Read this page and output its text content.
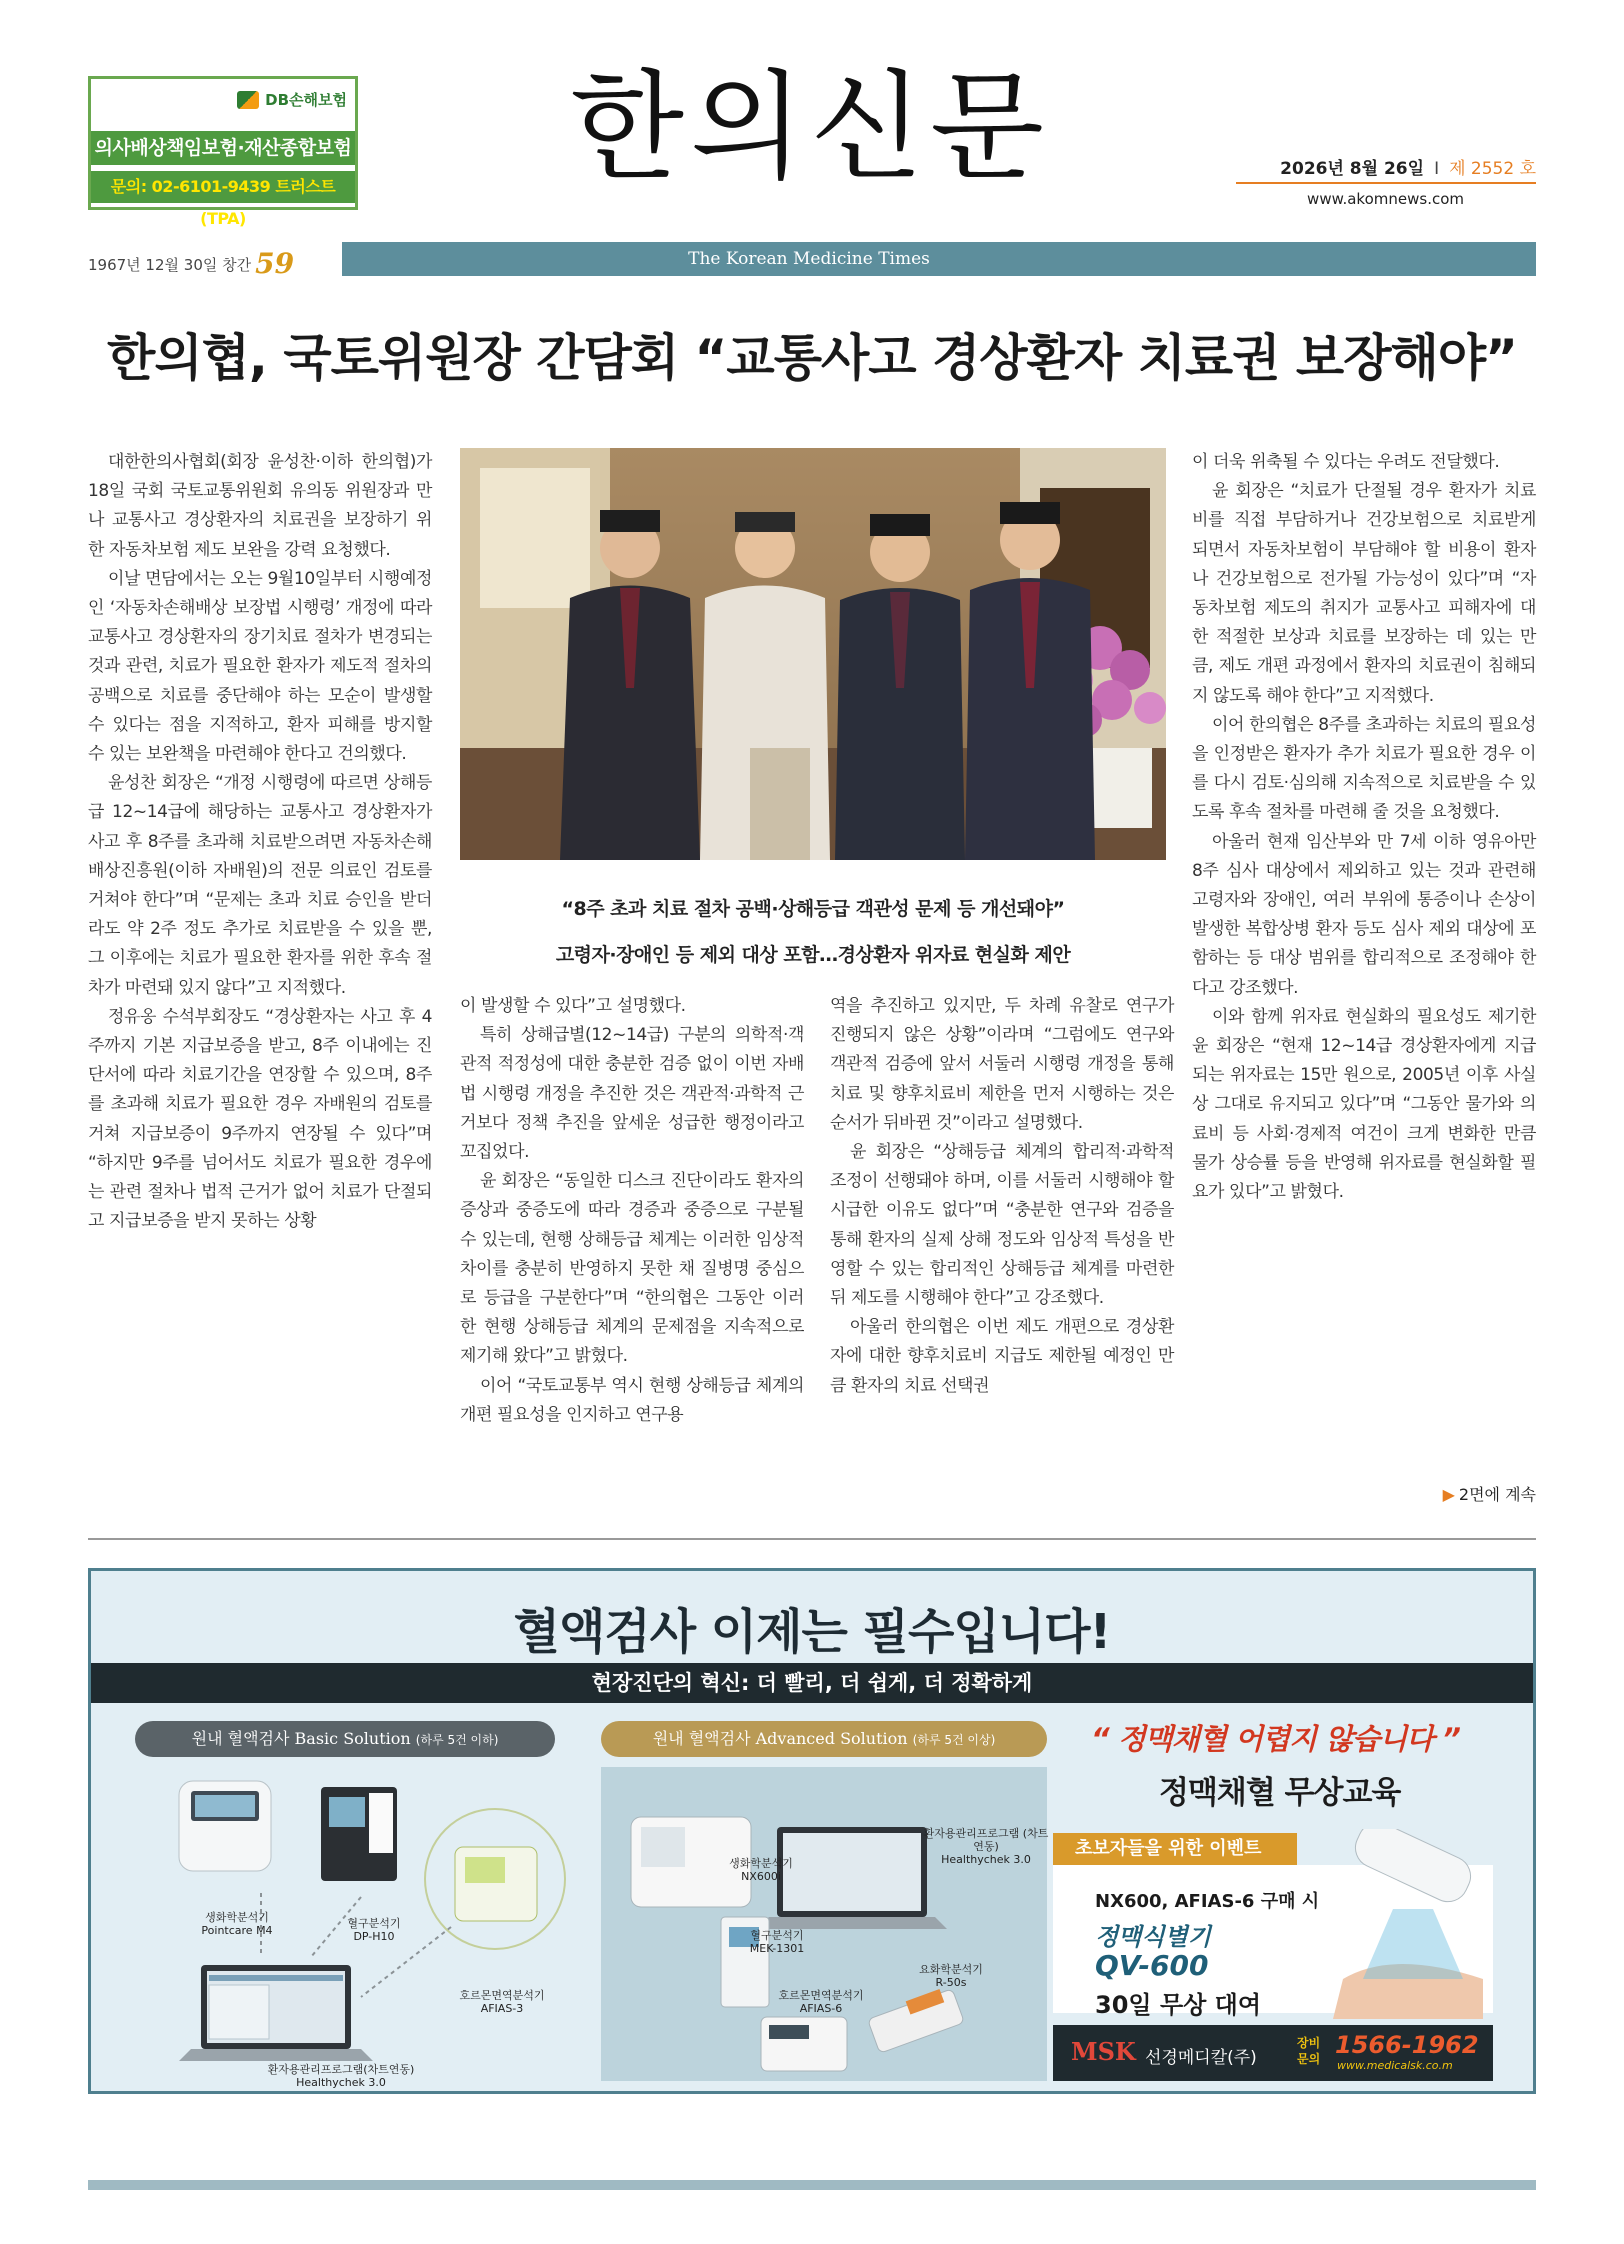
DB손해보험
의사배상책임보험·재산종합보험
문의: 02-6101-9439 트러스트(TPA)
한의신문	2026년 8월 26일 I 제 2552 호
www.akomnews.com
1967년 12월 30일 창간 59	The Korean Medicine Times
한의협, 국토위원장 간담회 “교통사고 경상환자 치료권 보장해야”
“8주 초과 치료 절차 공백·상해등급 객관성 문제 등 개선돼야”
고령자·장애인 등 제외 대상 포함…경상환자 위자료 현실화 제안

대한한의사협회(회장 윤성찬·이하 한의협)가 18일 국회 국토교통위원회 유의동 위원장과 만나 교통사고 경상환자의 치료권을 보장하기 위한 자동차보험 제도 보완을 강력 요청했다.

이날 면담에서는 오는 9월10일부터 시행예정인 ‘자동차손해배상 보장법 시행령’ 개정에 따라 교통사고 경상환자의 장기치료 절차가 변경되는 것과 관련, 치료가 필요한 환자가 제도적 절차의 공백으로 치료를 중단해야 하는 모순이 발생할 수 있다는 점을 지적하고, 환자 피해를 방지할 수 있는 보완책을 마련해야 한다고 건의했다.

윤성찬 회장은 “개정 시행령에 따르면 상해등급 12~14급에 해당하는 교통사고 경상환자가 사고 후 8주를 초과해 치료받으려면 자동차손해배상진흥원(이하 자배원)의 전문 의료인 검토를 거쳐야 한다”며 “문제는 초과 치료 승인을 받더라도 약 2주 정도 추가로 치료받을 수 있을 뿐, 그 이후에는 치료가 필요한 환자를 위한 후속 절차가 마련돼 있지 않다”고 지적했다.

정유옹 수석부회장도 “경상환자는 사고 후 4주까지 기본 지급보증을 받고, 8주 이내에는 진단서에 따라 치료기간을 연장할 수 있으며, 8주를 초과해 치료가 필요한 경우 자배원의 검토를 거쳐 지급보증이 9주까지 연장될 수 있다”며 “하지만 9주를 넘어서도 치료가 필요한 경우에는 관련 절차나 법적 근거가 없어 치료가 단절되고 지급보증을 받지 못하는 상황

이 발생할 수 있다”고 설명했다.

특히 상해급별(12~14급) 구분의 의학적·객관적 적정성에 대한 충분한 검증 없이 이번 자배법 시행령 개정을 추진한 것은 객관적·과학적 근거보다 정책 추진을 앞세운 성급한 행정이라고 꼬집었다.

윤 회장은 “동일한 디스크 진단이라도 환자의 증상과 중증도에 따라 경증과 중증으로 구분될 수 있는데, 현행 상해등급 체계는 이러한 임상적 차이를 충분히 반영하지 못한 채 질병명 중심으로 등급을 구분한다”며 “한의협은 그동안 이러한 현행 상해등급 체계의 문제점을 지속적으로 제기해 왔다”고 밝혔다.

이어 “국토교통부 역시 현행 상해등급 체계의 개편 필요성을 인지하고 연구용

역을 추진하고 있지만, 두 차례 유찰로 연구가 진행되지 않은 상황”이라며 “그럼에도 연구와 객관적 검증에 앞서 서둘러 시행령 개정을 통해 치료 및 향후치료비 제한을 먼저 시행하는 것은 순서가 뒤바뀐 것”이라고 설명했다.

윤 회장은 “상해등급 체계의 합리적·과학적 조정이 선행돼야 하며, 이를 서둘러 시행해야 할 시급한 이유도 없다”며 “충분한 연구와 검증을 통해 환자의 실제 상해 정도와 임상적 특성을 반영할 수 있는 합리적인 상해등급 체계를 마련한 뒤 제도를 시행해야 한다”고 강조했다.

아울러 한의협은 이번 제도 개편으로 경상환자에 대한 향후치료비 지급도 제한될 예정인 만큼 환자의 치료 선택권

이 더욱 위축될 수 있다는 우려도 전달했다.

윤 회장은 “치료가 단절될 경우 환자가 치료비를 직접 부담하거나 건강보험으로 치료받게 되면서 자동차보험이 부담해야 할 비용이 환자나 건강보험으로 전가될 가능성이 있다”며 “자동차보험 제도의 취지가 교통사고 피해자에 대한 적절한 보상과 치료를 보장하는 데 있는 만큼, 제도 개편 과정에서 환자의 치료권이 침해되지 않도록 해야 한다”고 지적했다.

이어 한의협은 8주를 초과하는 치료의 필요성을 인정받은 환자가 추가 치료가 필요한 경우 이를 다시 검토·심의해 지속적으로 치료받을 수 있도록 후속 절차를 마련해 줄 것을 요청했다.

아울러 현재 임산부와 만 7세 이하 영유아만 8주 심사 대상에서 제외하고 있는 것과 관련해 고령자와 장애인, 여러 부위에 통증이나 손상이 발생한 복합상병 환자 등도 심사 제외 대상에 포함하는 등 대상 범위를 합리적으로 조정해야 한다고 강조했다.

이와 함께 위자료 현실화의 필요성도 제기한 윤 회장은 “현재 12~14급 경상환자에게 지급되는 위자료는 15만 원으로, 2005년 이후 사실상 그대로 유지되고 있다”며 “그동안 물가와 의료비 등 사회·경제적 여건이 크게 변화한 만큼 물가 상승률 등을 반영해 위자료를 현실화할 필요가 있다”고 밝혔다.

▶ 2면에 계속
혈액검사 이제는 필수입니다!
현장진단의 혁신: 더 빨리, 더 쉽게, 더 정확하게
원내 혈액검사 Basic Solution (하루 5건 이하)	원내 혈액검사 Advanced Solution (하루 5건 이상)
생화학분석기
Pointcare M4
혈구분석기
DP-H10
호르몬면역분석기
AFIAS-3
환자용관리프로그램(차트연동)
Healthychek 3.0
생화학분석기
NX600i
환자용관리프로그램 (차트연동)
Healthychek 3.0
혈구분석기
MEK-1301
호르몬면역분석기
AFIAS-6
요화학분석기
R-50s
“ 정맥채혈 어렵지 않습니다 ”
정맥채혈 무상교육
초보자들을 위한 이벤트
NX600, AFIAS-6 구매 시
정맥식별기
QV-600
30일 무상 대여
MSK 선경메디칼(주)
장비
문의 1566-1962
www.medicalsk.co.m
